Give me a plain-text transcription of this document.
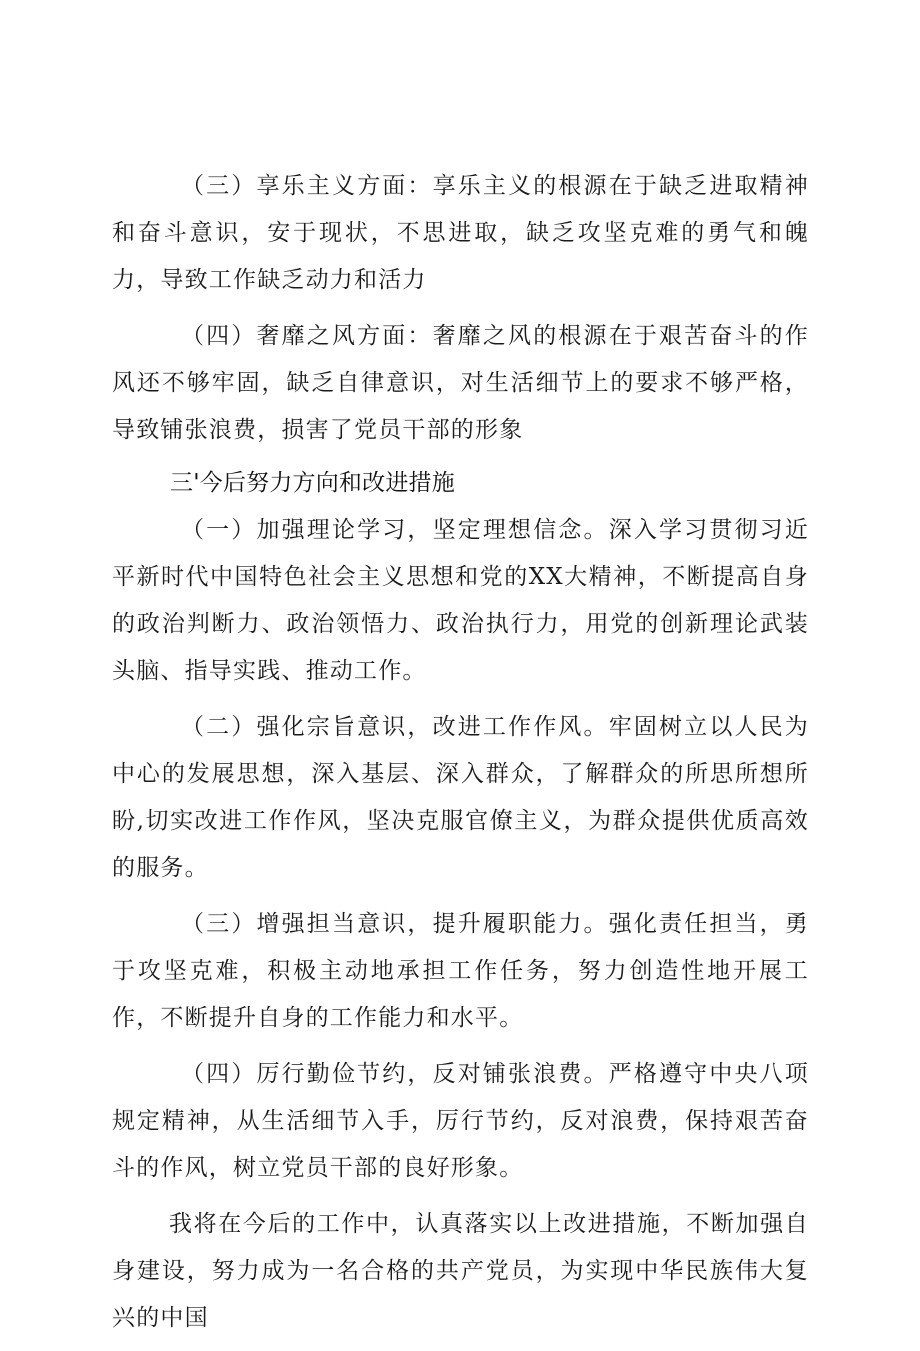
（三）享乐主义方面：享乐主义的根源在于缺乏进取精神和奋斗意识，安于现状，不思进取，缺乏攻坚克难的勇气和魄力，导致工作缺乏动力和活力

（四）奢靡之风方面：奢靡之风的根源在于艰苦奋斗的作风还不够牢固，缺乏自律意识，对生活细节上的要求不够严格，导致铺张浪费，损害了党员干部的形象

三'今后努力方向和改进措施

（一）加强理论学习，坚定理想信念。深入学习贯彻习近平新时代中国特色社会主义思想和党的XX大精神，不断提高自身的政治判断力、政治领悟力、政治执行力，用党的创新理论武装头脑、指导实践、推动工作。

（二）强化宗旨意识，改进工作作风。牢固树立以人民为中心的发展思想，深入基层、深入群众，了解群众的所思所想所盼,切实改进工作作风，坚决克服官僚主义，为群众提供优质高效的服务。

（三）增强担当意识，提升履职能力。强化责任担当，勇于攻坚克难，积极主动地承担工作任务，努力创造性地开展工作，不断提升自身的工作能力和水平。

（四）厉行勤俭节约，反对铺张浪费。严格遵守中央八项规定精神，从生活细节入手，厉行节约，反对浪费，保持艰苦奋斗的作风，树立党员干部的良好形象。

我将在今后的工作中，认真落实以上改进措施，不断加强自身建设，努力成为一名合格的共产党员，为实现中华民族伟大复兴的中国
